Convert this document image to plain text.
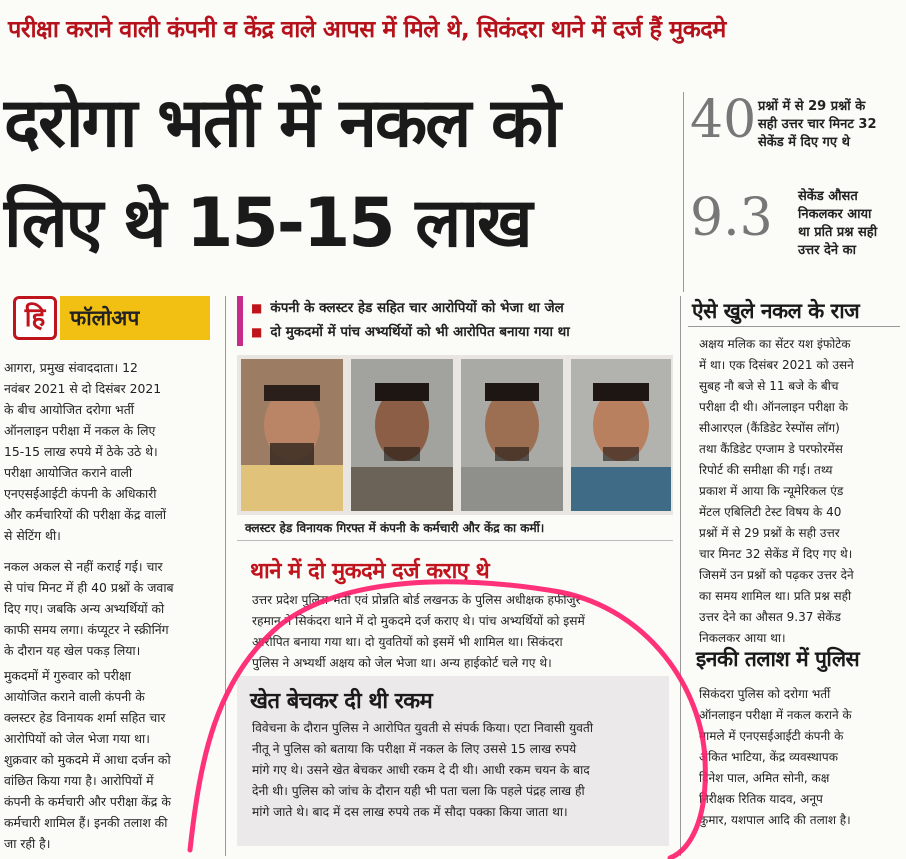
परीक्षा कराने वाली कंपनी व केंद्र वाले आपस में मिले थे, सिकंदरा थाने में दर्ज हैं मुकदमे
दरोगा भर्ती में नकल को
लिए थे 15-15 लाख
40 प्रश्नों में से 29 प्रश्नों के
सही उत्तर चार मिनट 32
सेकेंड में दिए गए थे
9.3 सेकेंड औसत
निकलकर आया
था प्रति प्रश्न सही
उत्तर देने का
हि	फॉलोअप
■	कंपनी के क्लस्टर हेड सहित चार आरोपियों को भेजा था जेल
■ दो मुकदमों में पांच अभ्यर्थियों को भी आरोपित बनाया गया था
आगरा, प्रमुख संवाददाता। 12
नवंबर 2021 से दो दिसंबर 2021
के बीच आयोजित दरोगा भर्ती
ऑनलाइन परीक्षा में नकल के लिए
15-15 लाख रुपये में ठेके उठे थे।
परीक्षा आयोजित कराने वाली
एनएसईआईटी कंपनी के अधिकारी
और कर्मचारियों की परीक्षा केंद्र वालों
से सेटिंग थी।
नकल अकल से नहीं कराई गई। चार
से पांच मिनट में ही 40 प्रश्नों के जवाब
दिए गए। जबकि अन्य अभ्यर्थियों को
काफी समय लगा। कंप्यूटर ने स्क्रीनिंग
के दौरान यह खेल पकड़ लिया।
मुकदमों में गुरुवार को परीक्षा
आयोजित कराने वाली कंपनी के
क्लस्टर हेड विनायक शर्मा सहित चार
आरोपियों को जेल भेजा गया था।
शुक्रवार को मुकदमे में आधा दर्जन को
वांछित किया गया है। आरोपियों में
कंपनी के कर्मचारी और परीक्षा केंद्र के
कर्मचारी शामिल हैं। इनकी तलाश की
जा रही है।
क्लस्टर हेड विनायक गिरफ्त में कंपनी के कर्मचारी और केंद्र का कर्मी।
थाने में दो मुकदमे दर्ज कराए थे
उत्तर प्रदेश पुलिस भर्ती एवं प्रोन्नति बोर्ड लखनऊ के पुलिस अधीक्षक हफीजुर
रहमान ने सिकंदरा थाने में दो मुकदमे दर्ज कराए थे। पांच अभ्यर्थियों को इसमें
आरोपित बनाया गया था। दो युवतियों को इसमें भी शामिल था। सिकंदरा
पुलिस ने अभ्यर्थी अक्षय को जेल भेजा था। अन्य हाईकोर्ट चले गए थे।
खेत बेचकर दी थी रकम
विवेचना के दौरान पुलिस ने आरोपित युवती से संपर्क किया। एटा निवासी युवती
नीतू ने पुलिस को बताया कि परीक्षा में नकल के लिए उससे 15 लाख रुपये
मांगे गए थे। उसने खेत बेचकर आधी रकम दे दी थी। आधी रकम चयन के बाद
देनी थी। पुलिस को जांच के दौरान यही भी पता चला कि पहले पंद्रह लाख ही
मांगे जाते थे। बाद में दस लाख रुपये तक में सौदा पक्का किया जाता था।
ऐसे खुले नकल के राज
अक्षय मलिक का सेंटर यश इंफोटेक
में था। एक दिसंबर 2021 को उसने
सुबह नौ बजे से 11 बजे के बीच
परीक्षा दी थी। ऑनलाइन परीक्षा के
सीआरएल (कैंडिडेट रेस्पोंस लॉग)
तथा कैंडिडेट एग्जाम डे परफोरमेंस
रिपोर्ट की समीक्षा की गई। तथ्य
प्रकाश में आया कि न्यूमेरिकल एंड
मेंटल एबिलिटी टेस्ट विषय के 40
प्रश्नों में से 29 प्रश्नों के सही उत्तर
चार मिनट 32 सेकेंड में दिए गए थे।
जिसमें उन प्रश्नों को पढ़कर उत्तर देने
का समय शामिल था। प्रति प्रश्न सही
उत्तर देने का औसत 9.37 सेकेंड
निकलकर आया था।
इनकी तलाश में पुलिस
सिकंदरा पुलिस को दरोगा भर्ती
ऑनलाइन परीक्षा में नकल कराने के
मामले में एनएसईआईटी कंपनी के
अंकित भाटिया, केंद्र व्यवस्थापक
दिनेश पाल, अमित सोनी, कक्ष
निरीक्षक रितिक यादव, अनूप
कुमार, यशपाल आदि की तलाश है।
